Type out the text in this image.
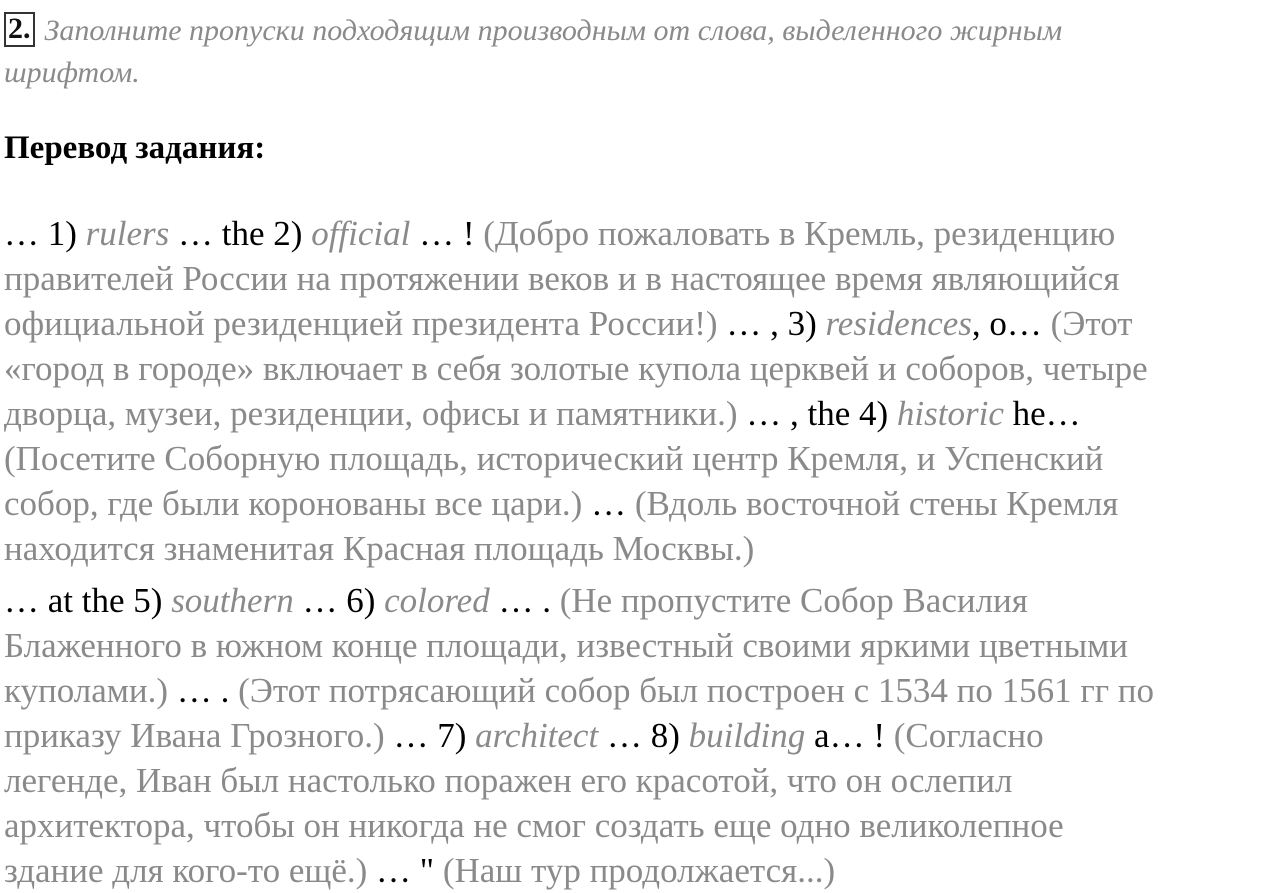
2. Заполните пропуски подходящим производным от слова, выделенного жирным
шрифтом.
Перевод задания:
… 1) rulers … the 2) official … ! (Добро пожаловать в Кремль, резиденцию
правителей России на протяжении веков и в настоящее время являющийся
официальной резиденцией президента России!) … , 3) residences, o… (Этот
«город в городе» включает в себя золотые купола церквей и соборов, четыре
дворца, музеи, резиденции, офисы и памятники.) … , the 4) historic he…
(Посетите Соборную площадь, исторический центр Кремля, и Успенский
собор, где были коронованы все цари.) … (Вдоль восточной стены Кремля
находится знаменитая Красная площадь Москвы.)
… at the 5) southern … 6) colored … . (Не пропустите Собор Василия
Блаженного в южном конце площади, известный своими яркими цветными
куполами.) … . (Этот потрясающий собор был построен с 1534 по 1561 гг по
приказу Ивана Грозного.) … 7) architect … 8) building a… ! (Согласно
легенде, Иван был настолько поражен его красотой, что он ослепил
архитектора, чтобы он никогда не смог создать еще одно великолепное
здание для кого-то ещё.) … " (Наш тур продолжается...)
